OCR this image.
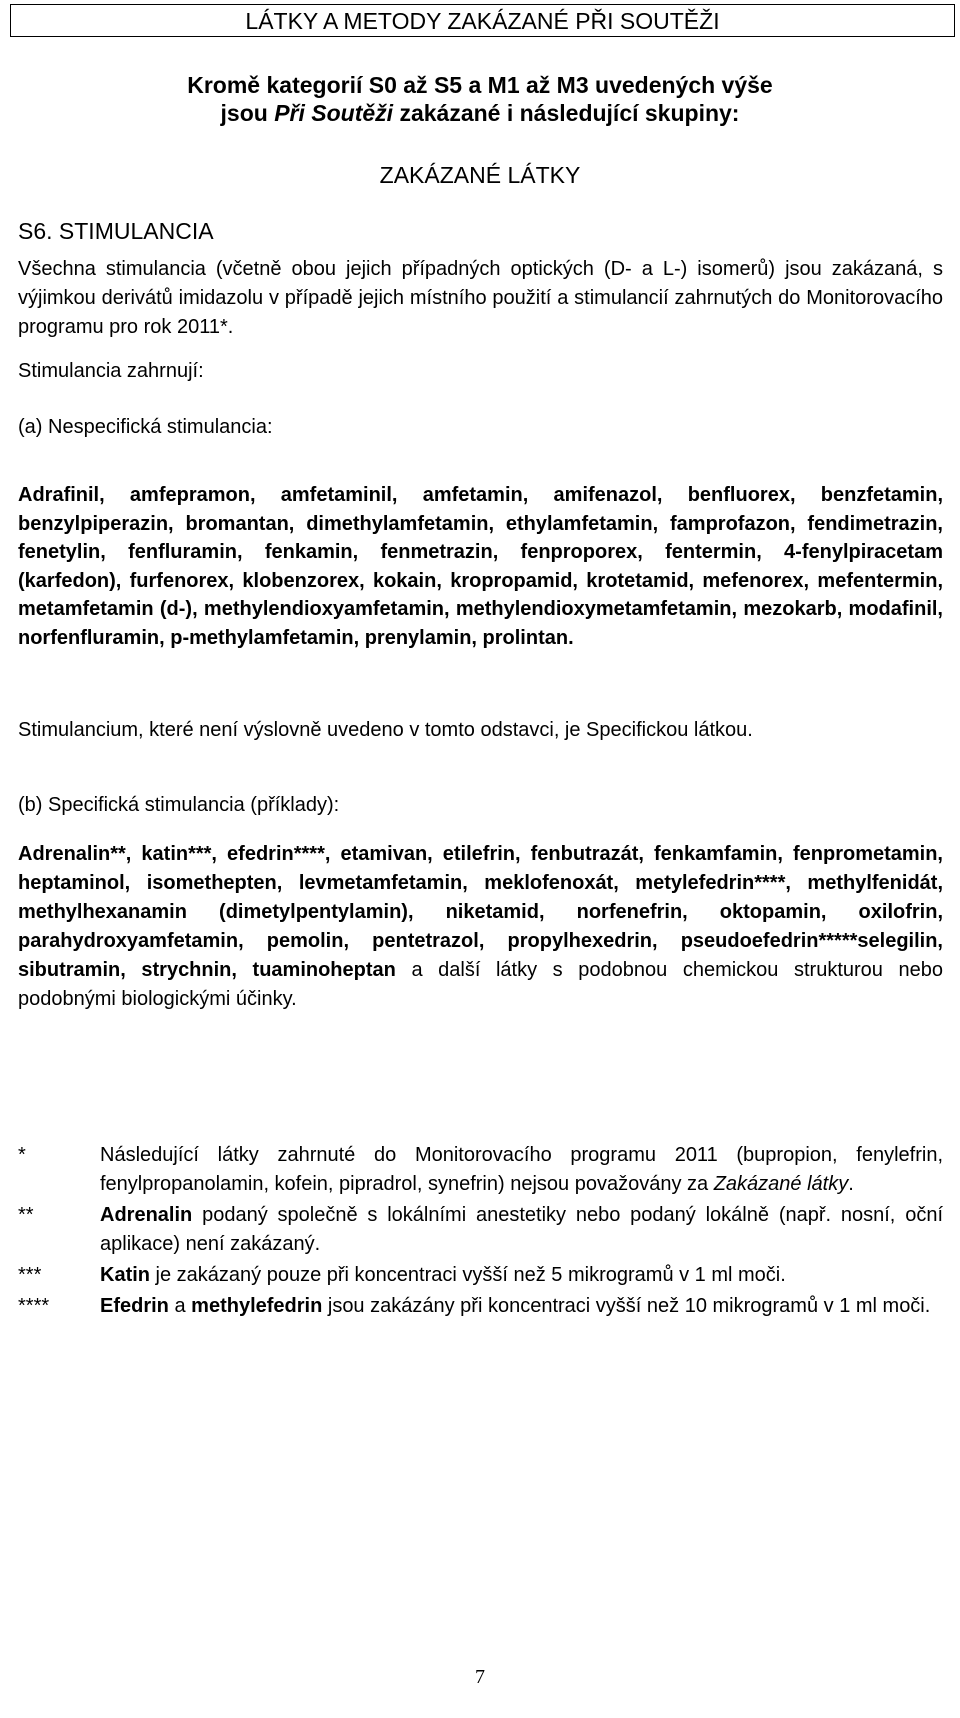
LÁTKY A METODY ZAKÁZANÉ PŘI SOUTĚŽI
Kromě kategorií S0 až S5 a M1 až M3 uvedených výše
jsou Při Soutěži zakázané i následující skupiny:
ZAKÁZANÉ LÁTKY
S6. STIMULANCIA
Všechna stimulancia (včetně obou jejich případných optických (D- a L-) isomerů) jsou zakázaná, s výjimkou derivátů imidazolu v případě jejich místního použití a stimulancií zahrnutých do Monitorovacího programu pro rok 2011*.
Stimulancia zahrnují:
(a) Nespecifická stimulancia:
Adrafinil, amfepramon, amfetaminil, amfetamin, amifenazol, benfluorex, benzfetamin, benzylpiperazin, bromantan, dimethylamfetamin, ethylamfetamin, famprofazon, fendimetrazin, fenetylin, fenfluramin, fenkamin, fenmetrazin, fenproporex, fentermin, 4-fenylpiracetam (karfedon), furfenorex, klobenzorex, kokain, kropropamid, krotetamid, mefenorex, mefentermin, metamfetamin (d-), methylendioxyamfetamin, methylendioxymetamfetamin, mezokarb, modafinil, norfenfluramin, p-methylamfetamin, prenylamin, prolintan.
Stimulancium, které není výslovně uvedeno v tomto odstavci, je Specifickou látkou.
(b) Specifická stimulancia (příklady):
Adrenalin**, katin***, efedrin****, etamivan, etilefrin, fenbutrazát, fenkamfamin, fenprometamin, heptaminol, isomethepten, levmetamfetamin, meklofenoxát, metylefedrin****, methylfenidát, methylhexanamin (dimetylpentylamin), niketamid, norfenefrin, oktopamin, oxilofrin, parahydroxyamfetamin, pemolin, pentetrazol, propylhexedrin, pseudoefedrin*****selegilin, sibutramin, strychnin, tuaminoheptan a další látky s podobnou chemickou strukturou nebo podobnými biologickými účinky.
*	Následující látky zahrnuté do Monitorovacího programu 2011 (bupropion, fenylefrin, fenylpropanolamin, kofein, pipradrol, synefrin) nejsou považovány za Zakázané látky.
**	Adrenalin podaný společně s lokálními anestetiky nebo podaný lokálně (např. nosní, oční aplikace) není zakázaný.
***	Katin je zakázaný pouze při koncentraci vyšší než 5 mikrogramů v 1 ml moči.
****	Efedrin a methylefedrin jsou zakázány při koncentraci vyšší než 10 mikrogramů v 1 ml moči.
7
